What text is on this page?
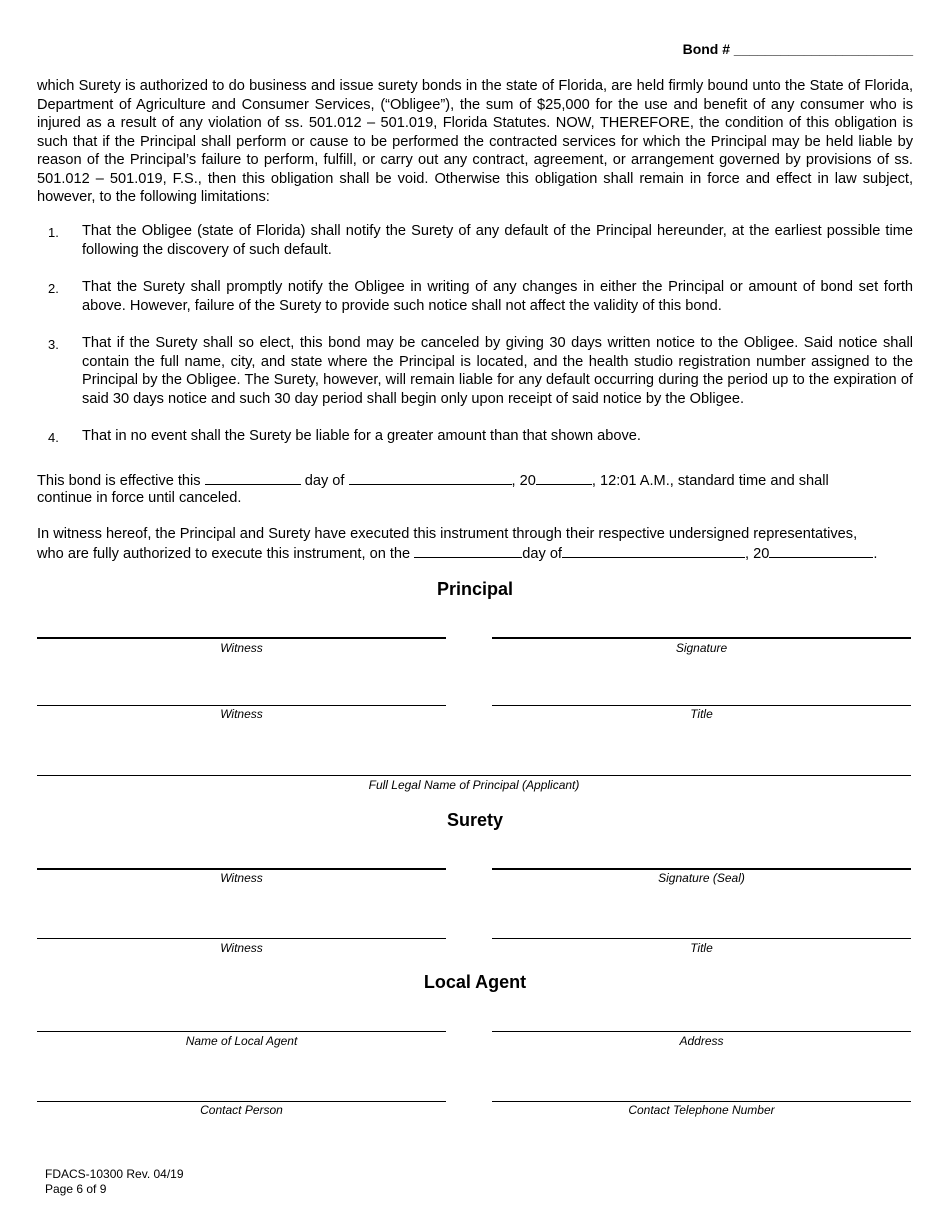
Bond # _______________________
which Surety is authorized to do business and issue surety bonds in the state of Florida, are held firmly bound unto the State of Florida, Department of Agriculture and Consumer Services, (“Obligee”), the sum of $25,000 for the use and benefit of any consumer who is injured as a result of any violation of ss. 501.012 – 501.019, Florida Statutes. NOW, THEREFORE, the condition of this obligation is such that if the Principal shall perform or cause to be performed the contracted services for which the Principal may be held liable by reason of the Principal’s failure to perform, fulfill, or carry out any contract, agreement, or arrangement governed by provisions of ss. 501.012 – 501.019, F.S., then this obligation shall be void. Otherwise this obligation shall remain in force and effect in law subject, however, to the following limitations:
1. That the Obligee (state of Florida) shall notify the Surety of any default of the Principal hereunder, at the earliest possible time following the discovery of such default.
2. That the Surety shall promptly notify the Obligee in writing of any changes in either the Principal or amount of bond set forth above. However, failure of the Surety to provide such notice shall not affect the validity of this bond.
3. That if the Surety shall so elect, this bond may be canceled by giving 30 days written notice to the Obligee. Said notice shall contain the full name, city, and state where the Principal is located, and the health studio registration number assigned to the Principal by the Obligee. The Surety, however, will remain liable for any default occurring during the period up to the expiration of said 30 days notice and such 30 day period shall begin only upon receipt of said notice by the Obligee.
4. That in no event shall the Surety be liable for a greater amount than that shown above.
This bond is effective this	day of	, 20	, 12:01 A.M., standard time and shall
continue in force until canceled.
In witness hereof, the Principal and Surety have executed this instrument through their respective undersigned representatives,
who are fully authorized to execute this instrument, on the	day of	, 20	.
Principal
Witness	Signature
Witness	Title
Full Legal Name of Principal (Applicant)
Surety
Witness	Signature (Seal)
Witness	Title
Local Agent
Name of Local Agent	Address
Contact Person	Contact Telephone Number
FDACS-10300 Rev. 04/19
Page 6 of 9
